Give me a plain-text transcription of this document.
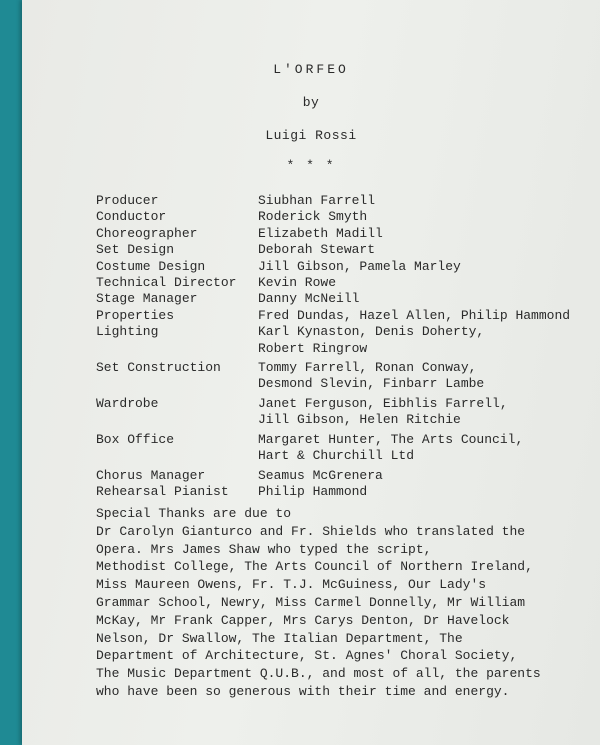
L'ORFEO
by
Luigi Rossi
* * *
Producer	Siubhan Farrell
Conductor	Roderick Smyth
Choreographer	Elizabeth Madill
Set Design	Deborah Stewart
Costume Design	Jill Gibson, Pamela Marley
Technical Director	Kevin Rowe
Stage Manager	Danny McNeill
Properties	Fred Dundas, Hazel Allen, Philip Hammond
Lighting	Karl Kynaston, Denis Doherty,
Robert Ringrow
Set Construction	Tommy Farrell, Ronan Conway,
Desmond Slevin, Finbarr Lambe
Wardrobe	Janet Ferguson, Eibhlis Farrell,
Jill Gibson, Helen Ritchie
Box Office	Margaret Hunter, The Arts Council,
Hart & Churchill Ltd
Chorus Manager	Seamus McGrenera
Rehearsal Pianist	Philip Hammond
Special Thanks are due to
Dr Carolyn Gianturco and Fr. Shields who translated the
Opera. Mrs James Shaw who typed the script,
Methodist College, The Arts Council of Northern Ireland,
Miss Maureen Owens, Fr. T.J. McGuiness, Our Lady's
Grammar School, Newry, Miss Carmel Donnelly, Mr William
McKay, Mr Frank Capper, Mrs Carys Denton, Dr Havelock
Nelson, Dr Swallow, The Italian Department, The
Department of Architecture, St. Agnes' Choral Society,
The Music Department Q.U.B., and most of all, the parents
who have been so generous with their time and energy.
